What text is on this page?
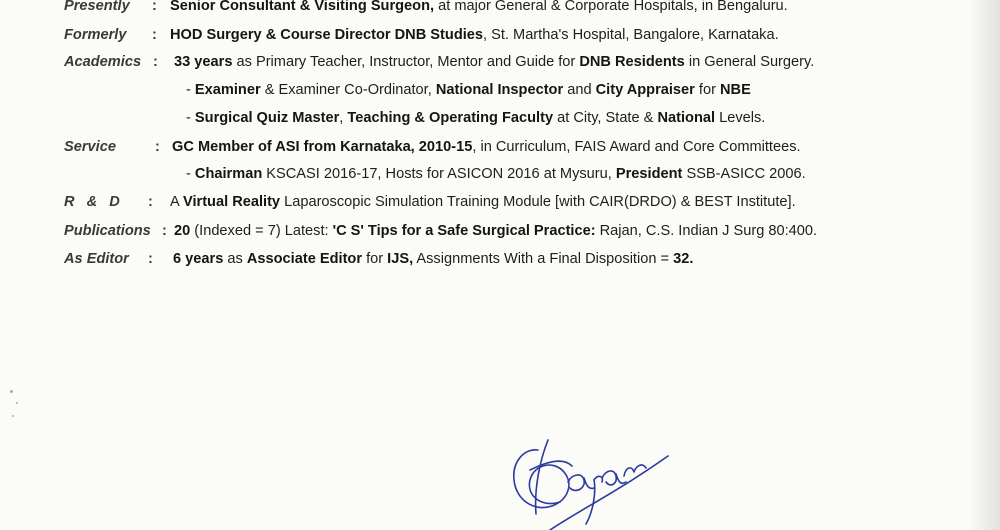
Presently : Senior Consultant & Visiting Surgeon, at major General & Corporate Hospitals, in Bengaluru.
Formerly : HOD Surgery & Course Director DNB Studies, St. Martha's Hospital, Bangalore, Karnataka.
Academics : 33 years as Primary Teacher, Instructor, Mentor and Guide for DNB Residents in General Surgery.
- Examiner & Examiner Co-Ordinator, National Inspector and City Appraiser for NBE
- Surgical Quiz Master, Teaching & Operating Faculty at City, State & National Levels.
Service	: GC Member of ASI from Karnataka, 2010-15, in Curriculum, FAIS Award and Core Committees.
- Chairman KSCASI 2016-17, Hosts for ASICON 2016 at Mysuru, President SSB-ASICC 2006.
R & D : A Virtual Reality Laparoscopic Simulation Training Module [with CAIR(DRDO) & BEST Institute].
Publications : 20 (Indexed = 7) Latest: 'C S' Tips for a Safe Surgical Practice: Rajan, C.S. Indian J Surg 80:400.
As Editor : 6 years as Associate Editor for IJS, Assignments With a Final Disposition = 32.
